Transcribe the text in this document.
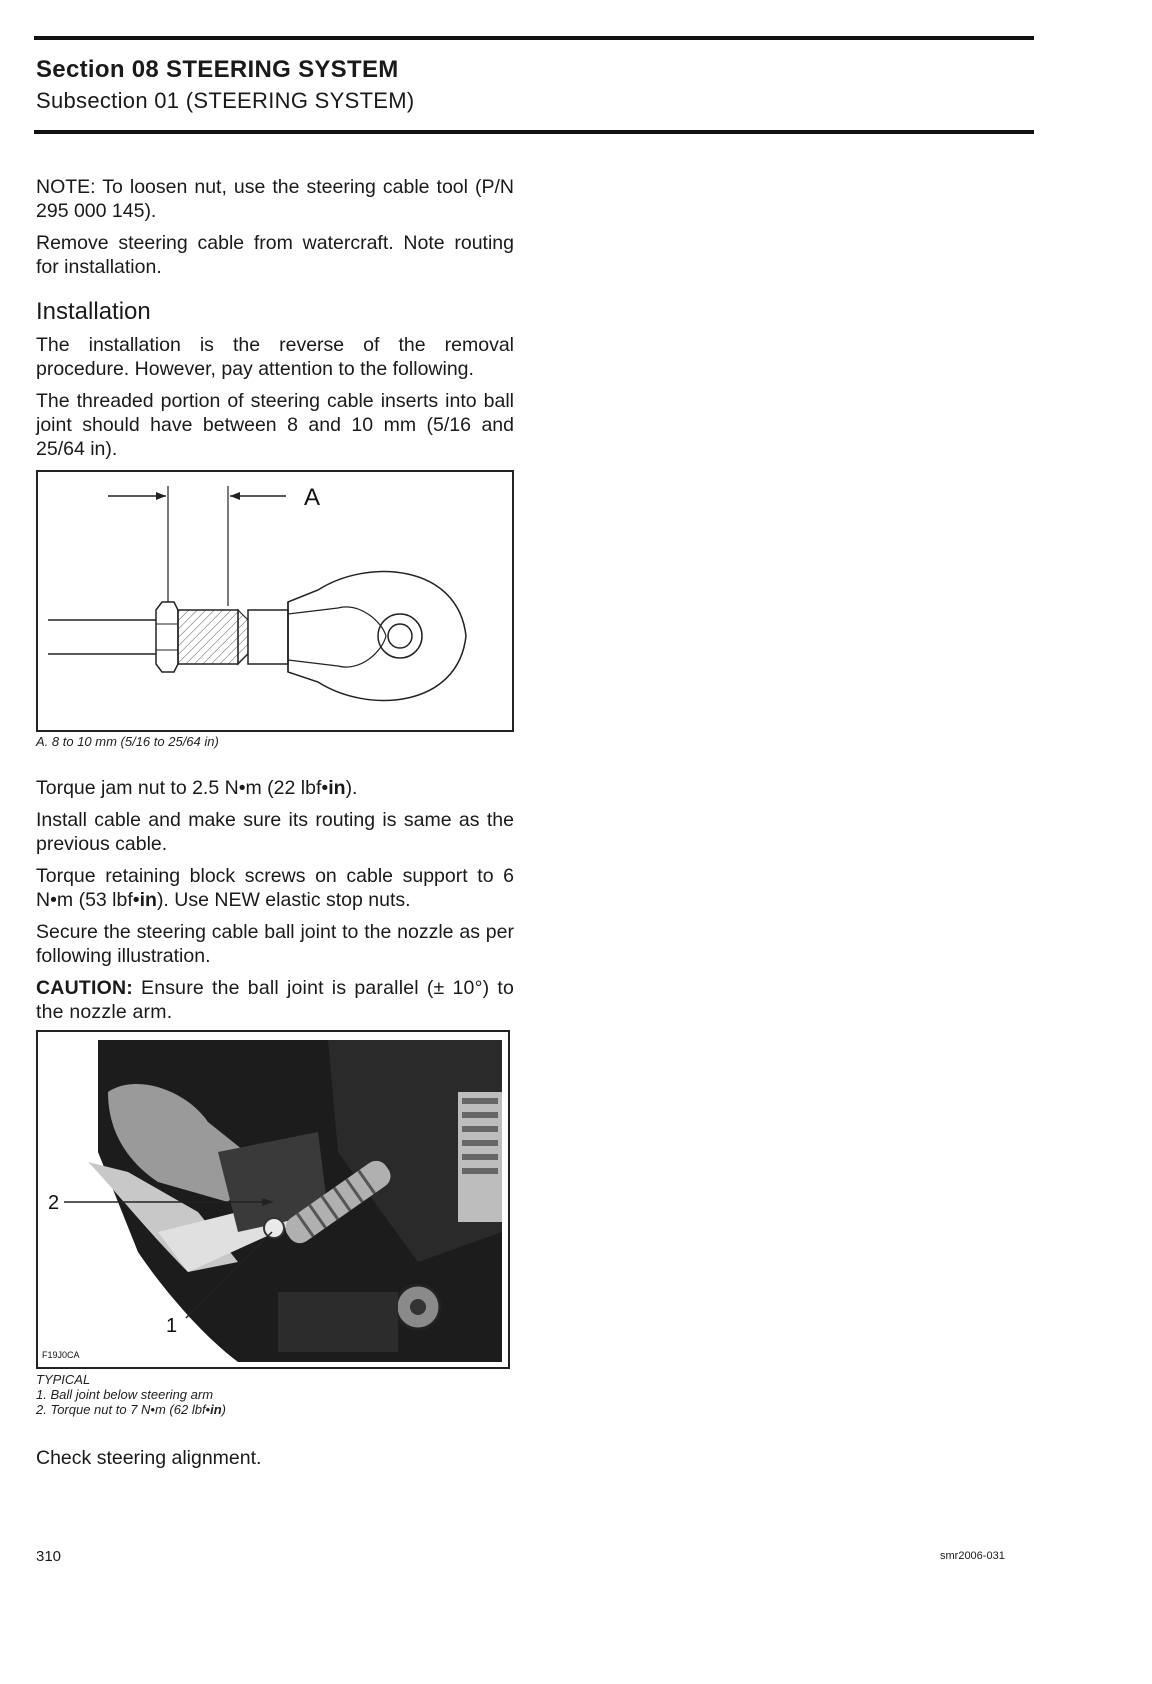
Section 08 STEERING SYSTEM
Subsection 01 (STEERING SYSTEM)

NOTE: To loosen nut, use the steering cable tool (P/N 295 000 145).

Remove steering cable from watercraft. Note routing for installation.

Installation

The installation is the reverse of the removal procedure. However, pay attention to the following.

The threaded portion of steering cable inserts into ball joint should have between 8 and 10 mm (5/16 and 25/64 in).

A
A. 8 to 10 mm (5/16 to 25/64 in)

Torque jam nut to 2.5 N•m (22 lbf•in).

Install cable and make sure its routing is same as the previous cable.

Torque retaining block screws on cable support to 6 N•m (53 lbf•in). Use NEW elastic stop nuts.

Secure the steering cable ball joint to the nozzle as per following illustration.

CAUTION: Ensure the ball joint is parallel (± 10°) to the nozzle arm.

2
1
F19J0CA
TYPICAL
1. Ball joint below steering arm
2. Torque nut to 7 N•m (62 lbf•in)
Check steering alignment.
310	smr2006-031
